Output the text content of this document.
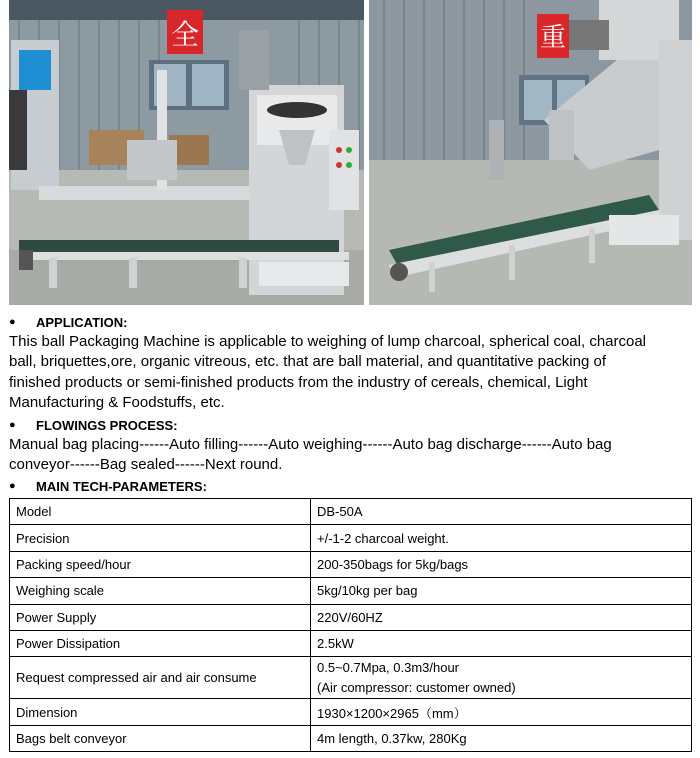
全	重
● APPLICATION:
This ball Packaging Machine is applicable to weighing of lump charcoal, spherical coal, charcoal
ball, briquettes,ore, organic vitreous, etc. that are ball material, and quantitative packing of
finished products or semi-finished products from the industry of cereals, chemical, Light
Manufacturing & Foodstuffs, etc.
● FLOWINGS PROCESS:
Manual bag placing------Auto filling------Auto weighing------Auto bag discharge------Auto bag
conveyor------Bag sealed------Next round.
● MAIN TECH-PARAMETERS:
Model	DB-50A
Precision	+/-1-2 charcoal weight.
Packing speed/hour	200-350bags for 5kg/bags
Weighing scale	5kg/10kg per bag
Power Supply	220V/60HZ
Power Dissipation	2.5kW
Request compressed air and air consume	0.5~0.7Mpa, 0.3m3/hour
(Air compressor: customer owned)

Dimension	1930×1200×2965（mm）
Bags belt conveyor	4m length, 0.37kw, 280Kg
